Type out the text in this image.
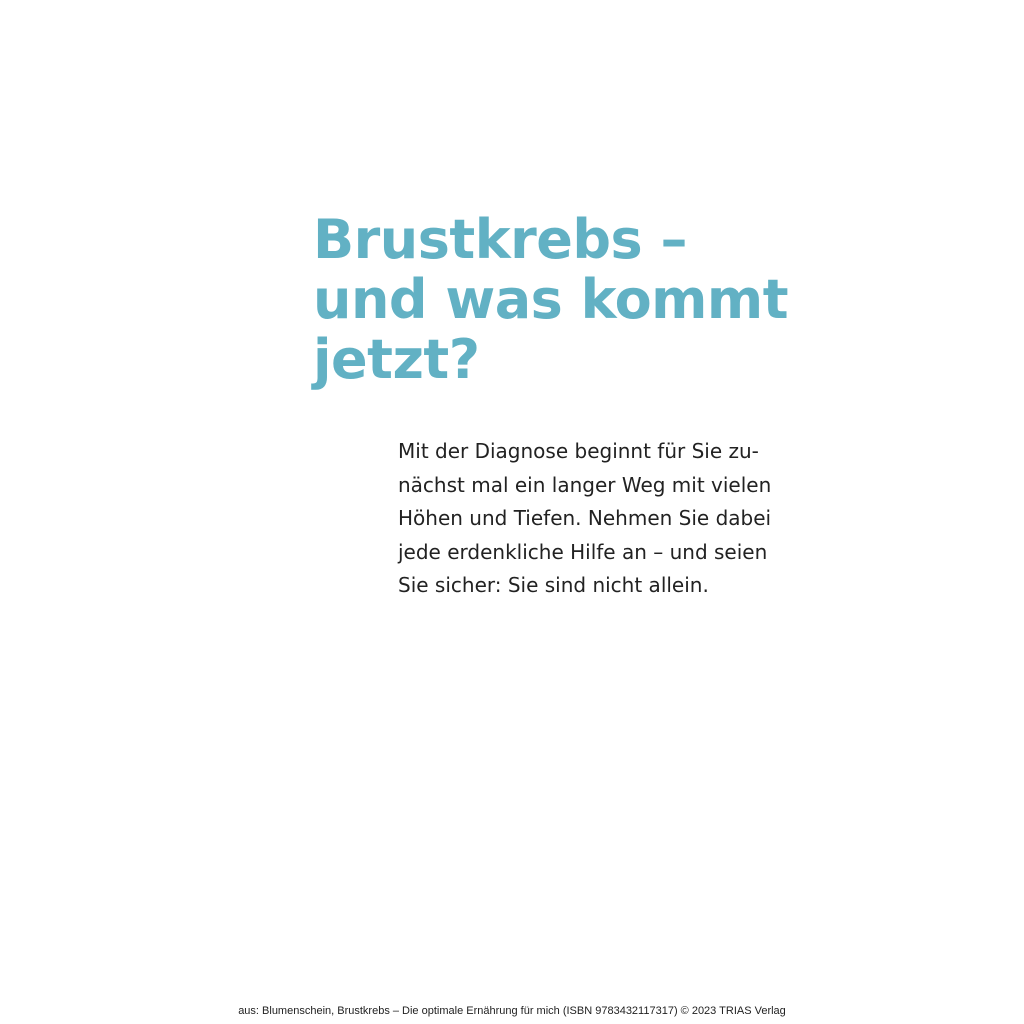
Brustkrebs –
und was kommt
jetzt?

Mit der Diagnose beginnt für Sie zu-
nächst mal ein langer Weg mit vielen
Höhen und Tiefen. Nehmen Sie dabei
jede erdenkliche Hilfe an – und seien
Sie sicher: Sie sind nicht allein.

aus: Blumenschein, Brustkrebs – Die optimale Ernährung für mich (ISBN 9783432117317) © 2023 TRIAS Verlag
